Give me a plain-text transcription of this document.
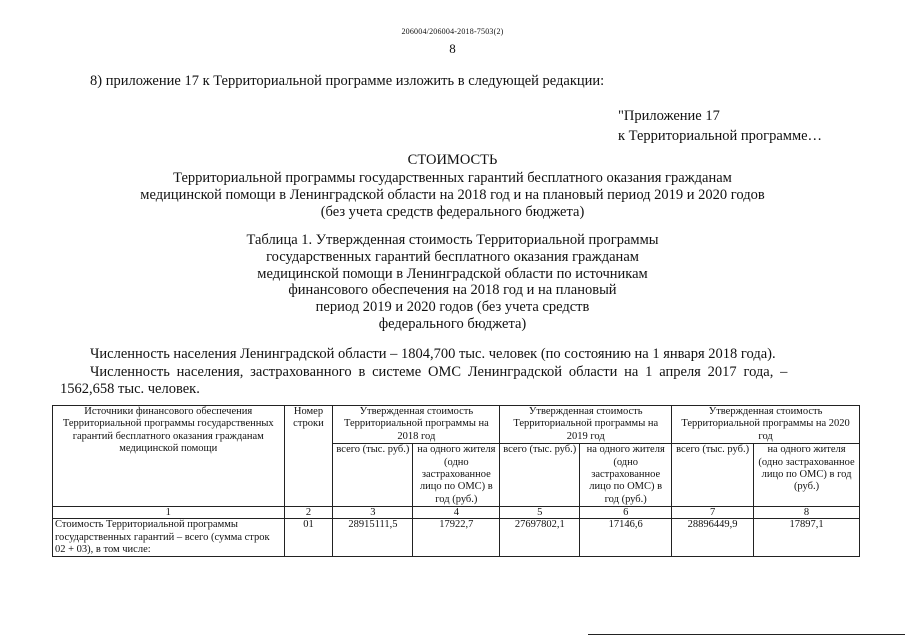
206004/206004-2018-7503(2)
8
8) приложение 17 к Территориальной программе изложить в следующей редакции:
"Приложение 17
к Территориальной программе…
СТОИМОСТЬ
Территориальной программы государственных гарантий бесплатного оказания гражданам
медицинской помощи в Ленинградской области на 2018 год и на плановый период 2019 и 2020 годов
(без учета средств федерального бюджета)
Таблица 1. Утвержденная стоимость Территориальной программы
государственных гарантий бесплатного оказания гражданам
медицинской помощи в Ленинградской области по источникам
финансового обеспечения на 2018 год и на плановый
период 2019 и 2020 годов (без учета средств
федерального бюджета)
Численность населения Ленинградской области – 1804,700 тыс. человек (по состоянию на 1 января 2018 года).
Численность населения, застрахованного в системе ОМС Ленинградской области на 1 апреля 2017 года, –
1562,658 тыс. человек.
Источники финансового обеспечения Территориальной программы государственных гарантий бесплатного оказания гражданам медицинской помощи	Номер строки	Утвержденная стоимость Территориальной программы на 2018 год		Утвержденная стоимость Территориальной программы на 2019 год		Утвержденная стоимость Территориальной программы на 2020 год	
		всего (тыс. руб.)	на одного жителя (одно застрахованное лицо по ОМС) в год (руб.)	всего (тыс. руб.)	на одного жителя (одно застрахованное лицо по ОМС) в год (руб.)	всего (тыс. руб.)	на одного жителя (одно застрахованное лицо по ОМС) в год (руб.)
1	2	3	4	5	6	7	8
Стоимость Территориальной программы государственных гарантий – всего (сумма строк 02 + 03), в том числе:	01	28915111,5	17922,7	27697802,1	17146,6	28896449,9	17897,1
